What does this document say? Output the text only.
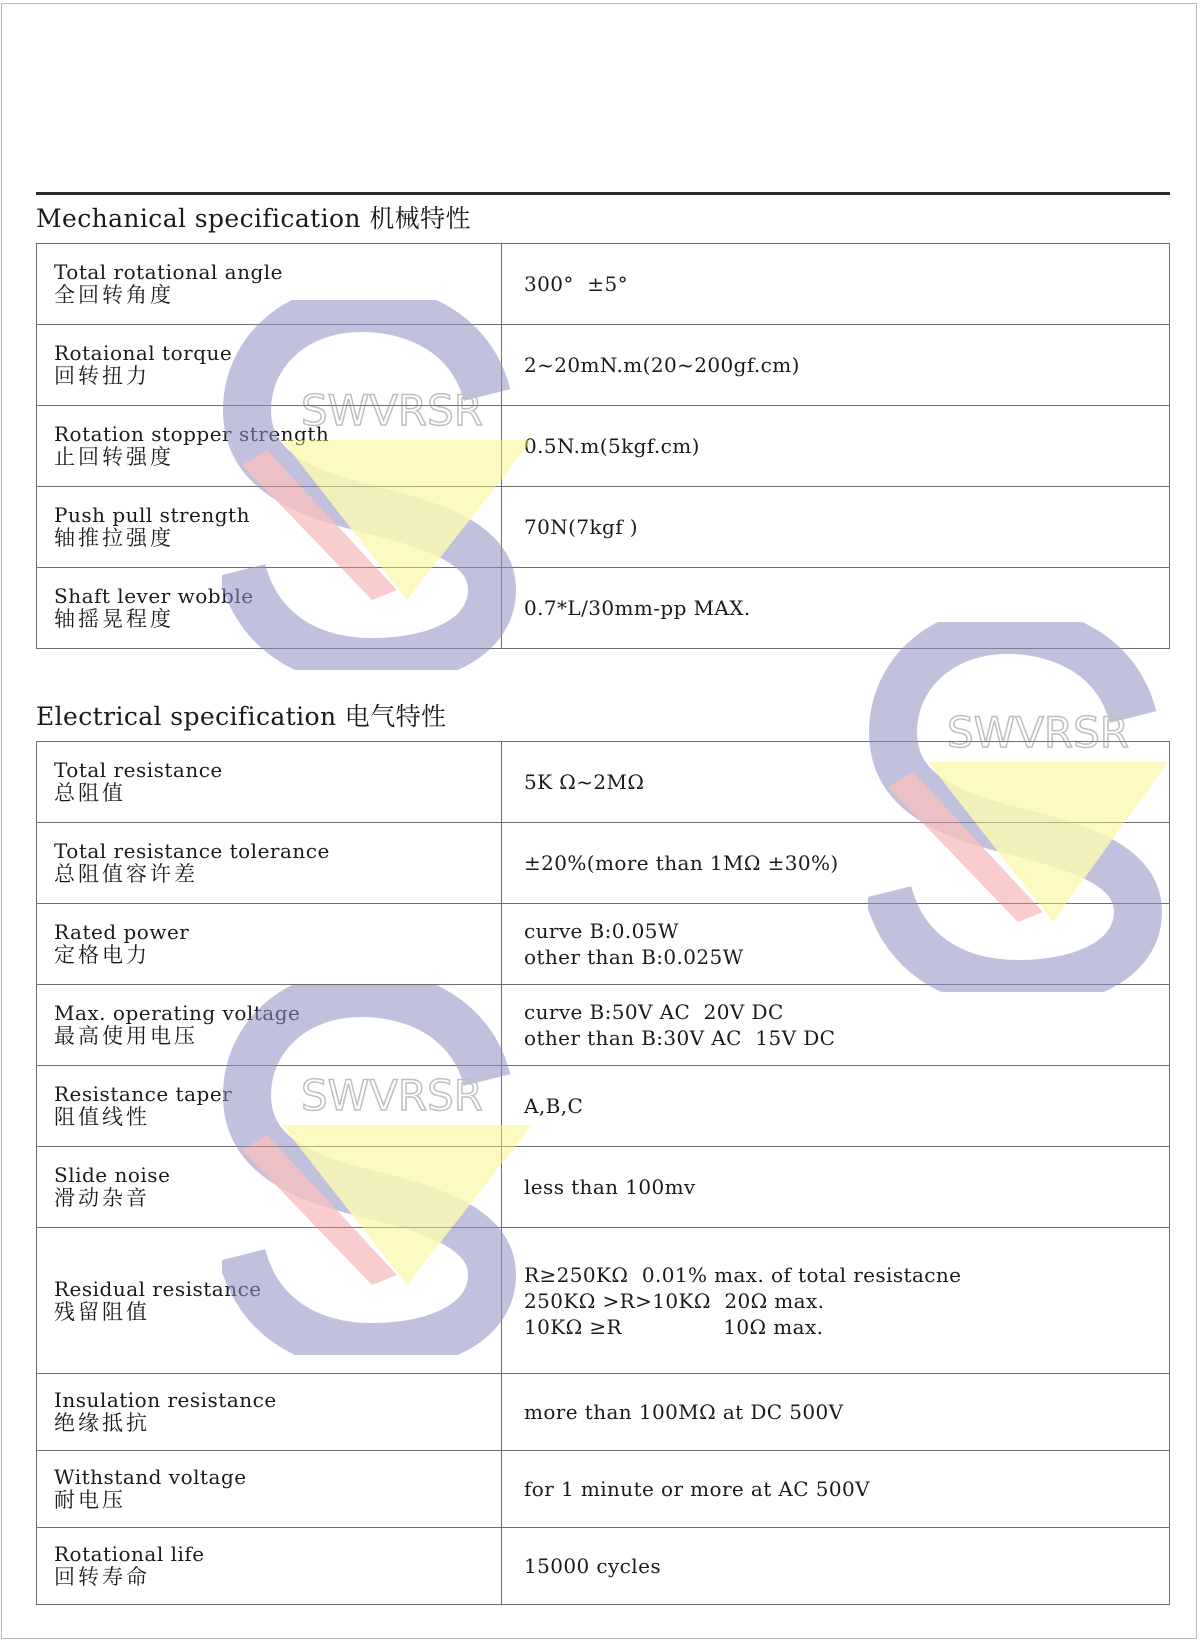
Mechanical specification 机械特性
Total rotational angle
全回转角度	300°  ±5°

Rotaional torque
回转扭力	2~20mN.m(20~200gf.cm)

Rotation stopper strength
止回转强度	0.5N.m(5kgf.cm)

Push pull strength
轴推拉强度	70N(7kgf )

Shaft lever wobble
轴摇晃程度	0.7*L/30mm-pp MAX.
Electrical specification 电气特性
Total resistance
总阻值	5K Ω~2MΩ

Total resistance tolerance
总阻值容许差	±20%(more than 1MΩ ±30%)

Rated power
定格电力	curve B:0.05W
other than B:0.025W

Max. operating voltage
最高使用电压	curve B:50V AC  20V DC
other than B:30V AC  15V DC

Resistance taper
阻值线性	A,B,C

Slide noise
滑动杂音	less than 100mv

Residual resistance
残留阻值	R≥250KΩ  0.01% max. of total resistacne
250KΩ >R>10KΩ  20Ω max.
10KΩ ≥R               10Ω max.

Insulation resistance
绝缘抵抗	more than 100MΩ at DC 500V

Withstand voltage
耐电压	for 1 minute or more at AC 500V

Rotational life
回转寿命	15000 cycles
SWVRSR
SWVRSR
SWVRSR
